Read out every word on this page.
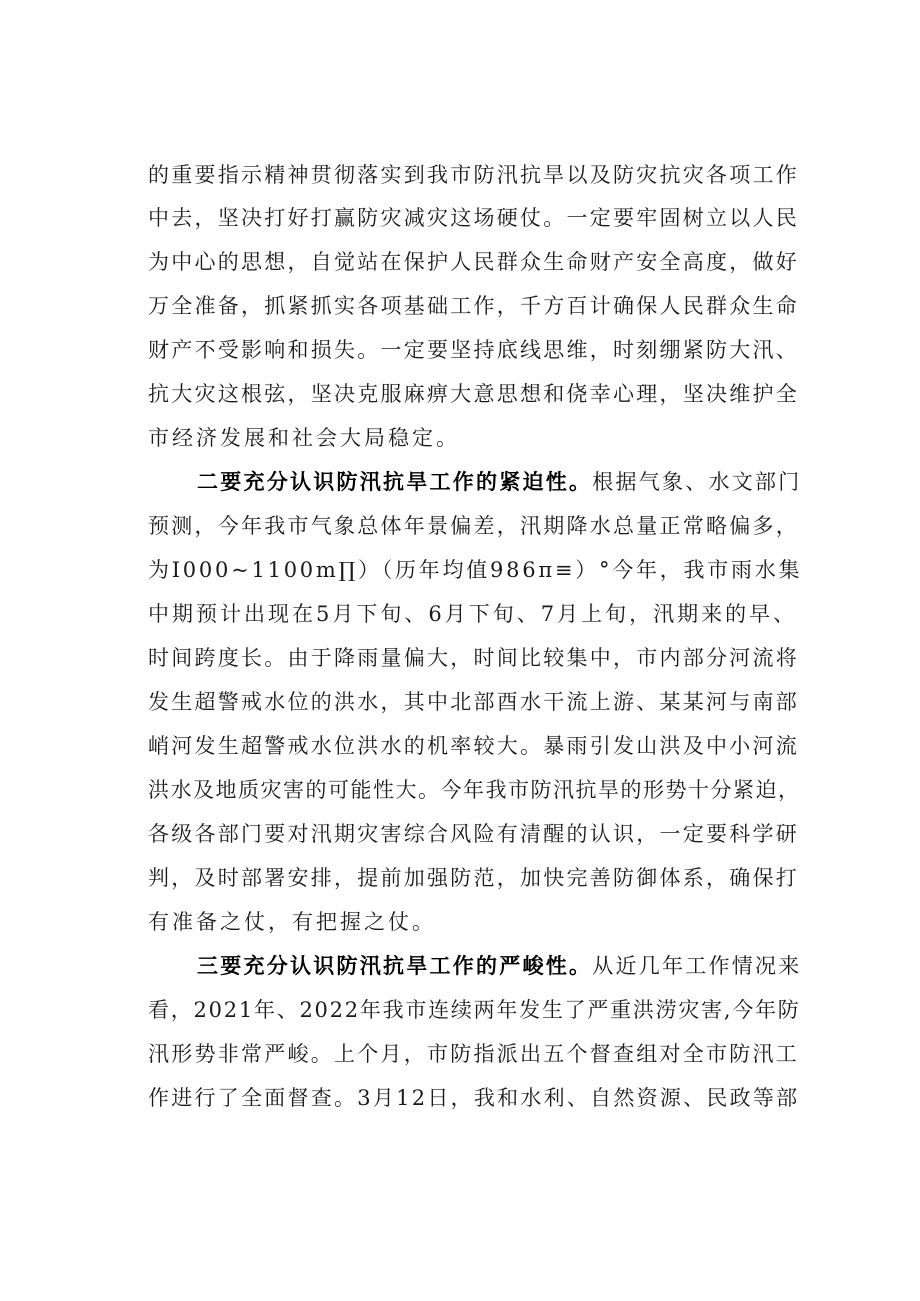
的重要指示精神贯彻落实到我市防汛抗旱以及防灾抗灾各项工作
中去，坚决打好打赢防灾减灾这场硬仗。一定要牢固树立以人民
为中心的思想，自觉站在保护人民群众生命财产安全高度，做好
万全准备，抓紧抓实各项基础工作，千方百计确保人民群众生命
财产不受影响和损失。一定要坚持底线思维，时刻绷紧防大汛、
抗大灾这根弦，坚决克服麻痹大意思想和侥幸心理，坚决维护全
市经济发展和社会大局稳定。
二要充分认识防汛抗旱工作的紧迫性。根据气象、水文部门
预测，今年我市气象总体年景偏差，汛期降水总量正常略偏多，
为I000~1100m∏）（历年均值986π≡）°今年，我市雨水集
中期预计出现在5月下旬、6月下旬、7月上旬，汛期来的早、
时间跨度长。由于降雨量偏大，时间比较集中，市内部分河流将
发生超警戒水位的洪水，其中北部酉水干流上游、某某河与南部
峭河发生超警戒水位洪水的机率较大。暴雨引发山洪及中小河流
洪水及地质灾害的可能性大。今年我市防汛抗旱的形势十分紧迫，
各级各部门要对汛期灾害综合风险有清醒的认识，一定要科学研
判，及时部署安排，提前加强防范，加快完善防御体系，确保打
有准备之仗，有把握之仗。
三要充分认识防汛抗旱工作的严峻性。从近几年工作情况来
看，2021年、2022年我市连续两年发生了严重洪涝灾害,今年防
汛形势非常严峻。上个月，市防指派出五个督查组对全市防汛工
作进行了全面督查。3月12日，我和水利、自然资源、民政等部
